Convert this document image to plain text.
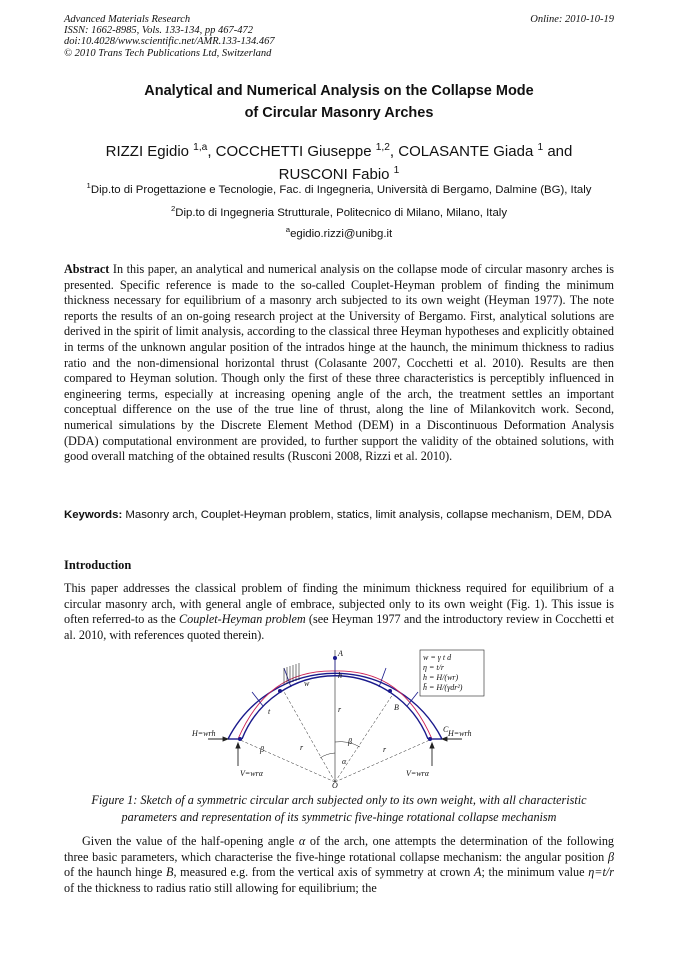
Advanced Materials Research
ISSN: 1662-8985, Vols. 133-134, pp 467-472
doi:10.4028/www.scientific.net/AMR.133-134.467
© 2010 Trans Tech Publications Ltd, Switzerland
Online: 2010-10-19
Analytical and Numerical Analysis on the Collapse Mode
of Circular Masonry Arches
RIZZI Egidio $^{1,a}$, COCCHETTI Giuseppe $^{1,2}$, COLASANTE Giada $^1$ and
RUSCONI Fabio $^1$
$^1$Dip.to di Progettazione e Tecnologie, Fac. di Ingegneria, Università di Bergamo, Dalmine (BG), Italy
$^2$Dip.to di Ingegneria Strutturale, Politecnico di Milano, Milano, Italy
$^a$egidio.rizzi@unibg.it
Abstract In this paper, an analytical and numerical analysis on the collapse mode of circular masonry arches is presented. Specific reference is made to the so-called Couplet-Heyman problem of finding the minimum thickness necessary for equilibrium of a masonry arch subjected to its own weight (Heyman 1977). The note reports the results of an on-going research project at the University of Bergamo. First, analytical solutions are derived in the spirit of limit analysis, according to the classical three Heyman hypotheses and explicitly obtained in terms of the unknown angular position of the intrados hinge at the haunch, the minimum thickness to radius ratio and the non-dimensional horizontal thrust (Colasante 2007, Cocchetti et al. 2010). Results are then compared to Heyman solution. Though only the first of these three characteristics is perceptibly influenced in engineering terms, especially at increasing opening angle of the arch, the treatment settles an important conceptual difference on the use of the true line of thrust, along the line of Milankovitch work. Second, numerical simulations by the Discrete Element Method (DEM) in a Discontinuous Deformation Analysis (DDA) computational environment are provided, to further support the validity of the obtained solutions, with good overall matching of the obtained results (Rusconi 2008, Rizzi et al. 2010).
Keywords: Masonry arch, Couplet-Heyman problem, statics, limit analysis, collapse mechanism, DEM, DDA
Introduction
This paper addresses the classical problem of finding the minimum thickness required for equilibrium of a circular masonry arch, with general angle of embrace, subjected only to its own weight (Fig. 1). This issue is often referred-to as the Couplet-Heyman problem (see Heyman 1977 and the introductory review in Cocchetti et al. 2010, with references quoted therein).
w = γ t d
η = t/r
h = H/(wr)
h̄ = H/(γdr²)
H=wrh	H=wrh
V=wrα	V=wrα
A
B
C
O
α
β
β
r
r	r
t
w
h
Figure 1: Sketch of a symmetric circular arch subjected only to its own weight, with all characteristic
parameters and representation of its symmetric five-hinge rotational collapse mechanism
Given the value of the half-opening angle α of the arch, one attempts the determination of the following three basic parameters, which characterise the five-hinge rotational collapse mechanism: the angular position β of the haunch hinge B, measured e.g. from the vertical axis of symmetry at crown A; the minimum value η=t/r of the thickness to radius ratio still allowing for equilibrium; the
